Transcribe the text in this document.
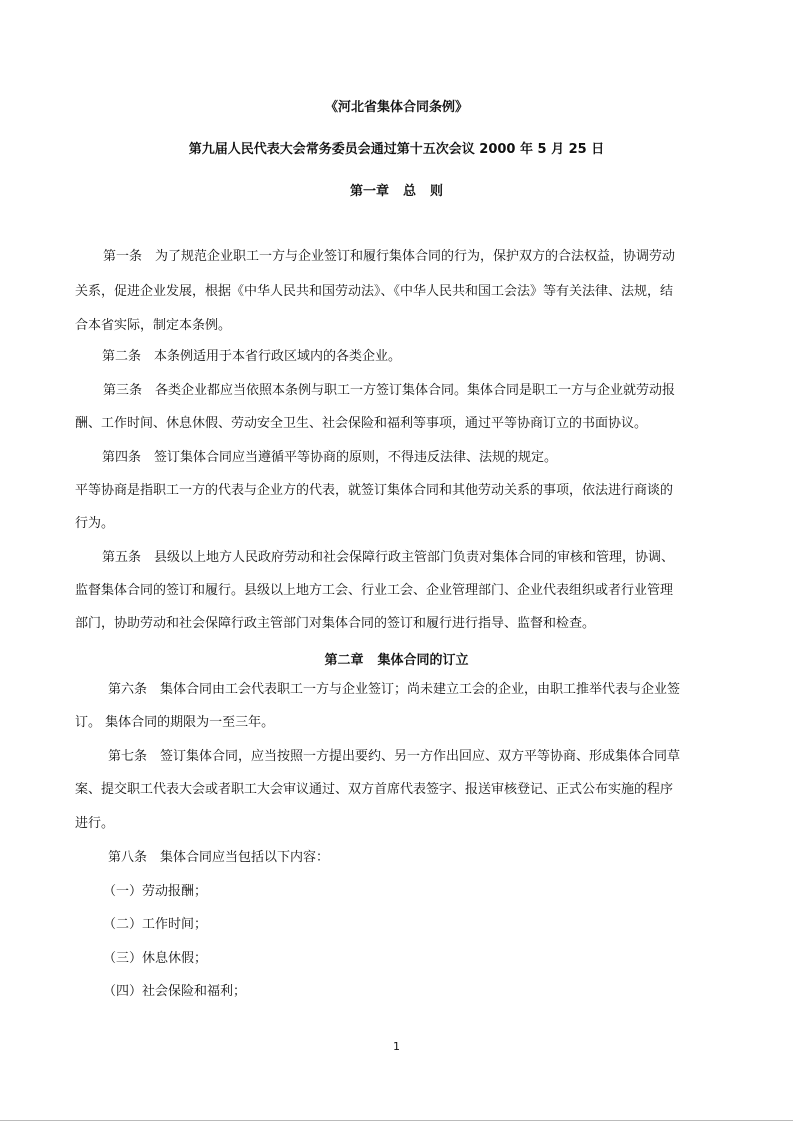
《河北省集体合同条例》
第九届人民代表大会常务委员会通过第十五次会议 2000 年 5 月 25 日
第一章 总 则
第一条　为了规范企业职工一方与企业签订和履行集体合同的行为，保护双方的合法权益，协调劳动
关系，促进企业发展，根据《中华人民共和国劳动法》、《中华人民共和国工会法》等有关法律、法规，结
合本省实际，制定本条例。
第二条　本条例适用于本省行政区域内的各类企业。
第三条　各类企业都应当依照本条例与职工一方签订集体合同。集体合同是职工一方与企业就劳动报
酬、工作时间、休息休假、劳动安全卫生、社会保险和福利等事项，通过平等协商订立的书面协议。
第四条　签订集体合同应当遵循平等协商的原则，不得违反法律、法规的规定。
平等协商是指职工一方的代表与企业方的代表，就签订集体合同和其他劳动关系的事项，依法进行商谈的
行为。
第五条　县级以上地方人民政府劳动和社会保障行政主管部门负责对集体合同的审核和管理，协调、
监督集体合同的签订和履行。县级以上地方工会、行业工会、企业管理部门、企业代表组织或者行业管理
部门，协助劳动和社会保障行政主管部门对集体合同的签订和履行进行指导、监督和检查。
第二章 集体合同的订立
第六条　集体合同由工会代表职工一方与企业签订；尚未建立工会的企业，由职工推举代表与企业签
订。 集体合同的期限为一至三年。
第七条　签订集体合同，应当按照一方提出要约、另一方作出回应、双方平等协商、形成集体合同草
案、提交职工代表大会或者职工大会审议通过、双方首席代表签字、报送审核登记、正式公布实施的程序
进行。
第八条　集体合同应当包括以下内容：
（一）劳动报酬；
（二）工作时间；
（三）休息休假；
（四）社会保险和福利；
1
